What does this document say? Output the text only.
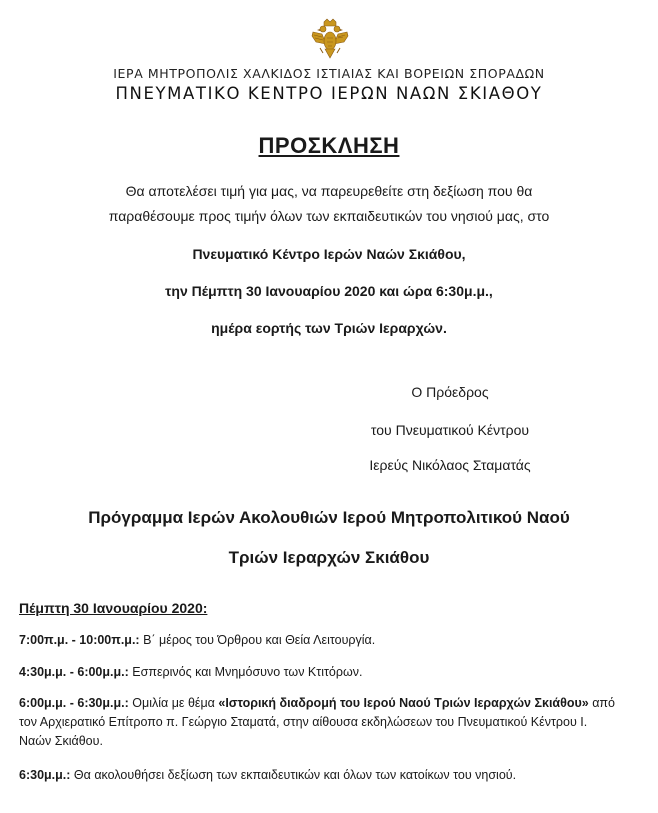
ΙΕΡΑ ΜΗΤΡΟΠΟΛΙΣ ΧΑΛΚΙΔΟΣ ΙΣΤΙΑΙΑΣ ΚΑΙ ΒΟΡΕΙΩΝ ΣΠΟΡΑΔΩΝ
ΠΝΕΥΜΑΤΙΚΟ ΚΕΝΤΡΟ ΙΕΡΩΝ ΝΑΩΝ ΣΚΙΑΘΟΥ
ΠΡΟΣΚΛΗΣΗ
Θα αποτελέσει τιμή για μας, να παρευρεθείτε στη δεξίωση που θα
παραθέσουμε προς τιμήν όλων των εκπαιδευτικών του νησιού μας, στο
Πνευματικό Κέντρο Ιερών Ναών Σκιάθου,
την Πέμπτη 30 Ιανουαρίου 2020 και ώρα 6:30μ.μ.,
ημέρα εορτής των Τριών Ιεραρχών.
Ο Πρόεδρος
του Πνευματικού Κέντρου
Ιερεύς Νικόλαος Σταματάς
Πρόγραμμα Ιερών Ακολουθιών Ιερού Μητροπολιτικού Ναού
Τριών Ιεραρχών Σκιάθου
Πέμπτη 30 Ιανουαρίου 2020:
7:00π.μ. - 10:00π.μ.: Β΄ μέρος του Όρθρου και Θεία Λειτουργία.
4:30μ.μ. - 6:00μ.μ.: Εσπερινός και Μνημόσυνο των Κτιτόρων.
6:00μ.μ. - 6:30μ.μ.: Ομιλία με θέμα «Ιστορική διαδρομή του Ιερού Ναού Τριών Ιεραρχών Σκιάθου» από τον Αρχιερατικό Επίτροπο π. Γεώργιο Σταματά, στην αίθουσα εκδηλώσεων του Πνευματικού Κέντρου Ι. Ναών Σκιάθου.
6:30μ.μ.: Θα ακολουθήσει δεξίωση των εκπαιδευτικών και όλων των κατοίκων του νησιού.
